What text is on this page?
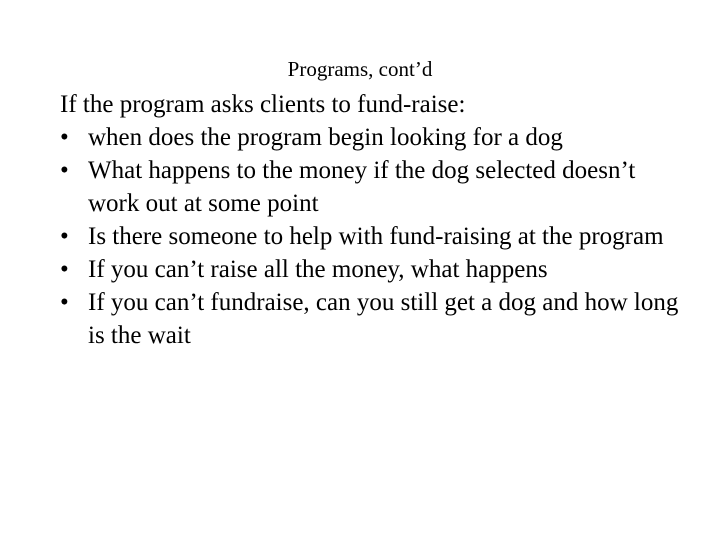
Programs, cont’d

If the program asks clients to fund-raise:

• when does the program begin looking for a dog
• What happens to the money if the dog selected doesn’t work out at some point
• Is there someone to help with fund-raising at the program
• If you can’t raise all the money, what happens
• If you can’t fundraise, can you still get a dog and how long is the wait
